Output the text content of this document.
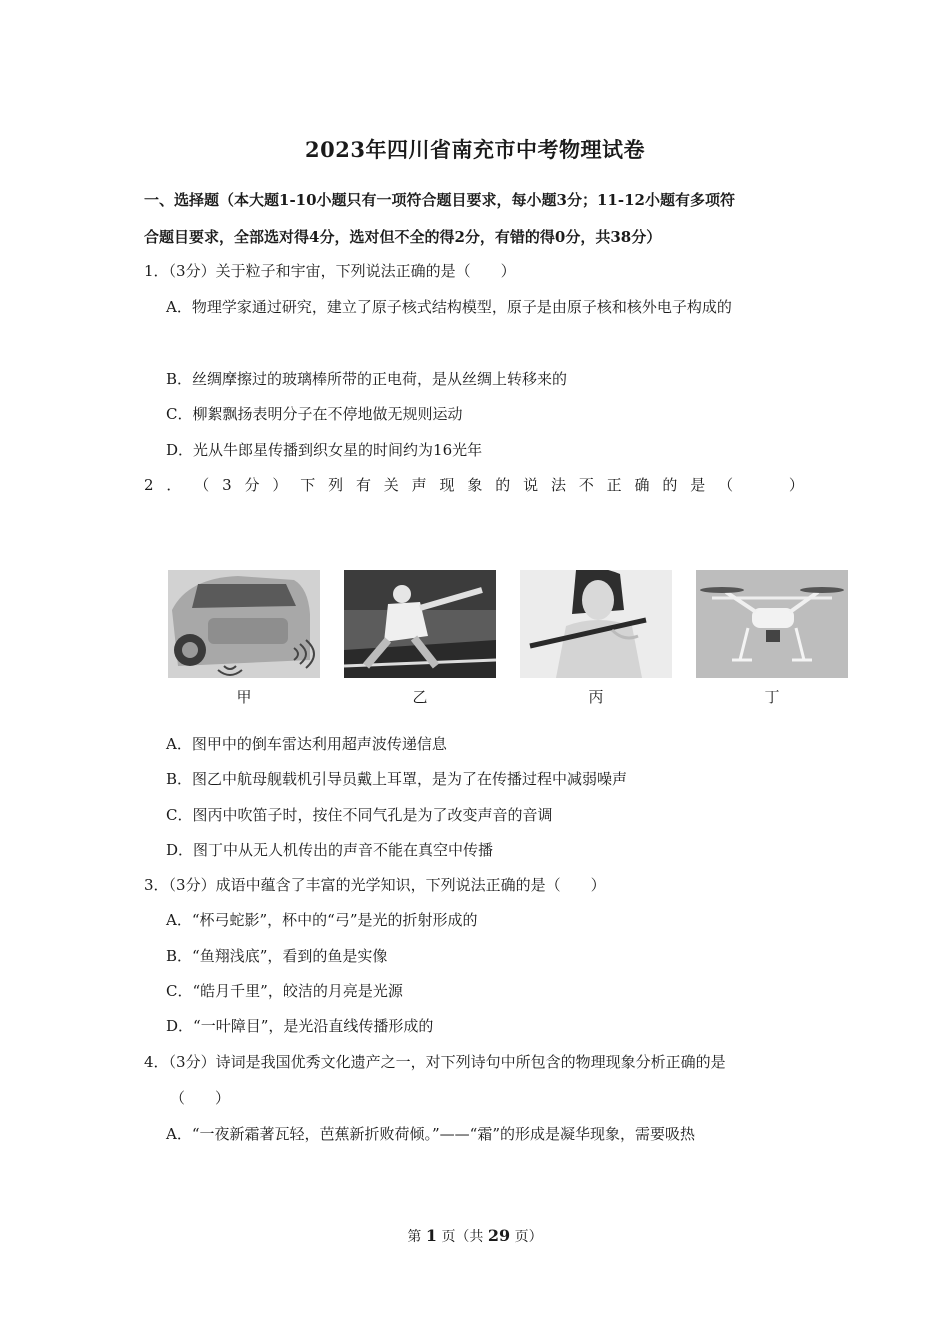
2023年四川省南充市中考物理试卷
一、选择题（本大题1-10小题只有一项符合题目要求，每小题3分；11-12小题有多项符
合题目要求，全部选对得4分，选对但不全的得2分，有错的得0分，共38分）
1．（3分）关于粒子和宇宙，下列说法正确的是（　　）
A．物理学家通过研究，建立了原子核式结构模型，原子是由原子核和核外电子构成的
B．丝绸摩擦过的玻璃棒所带的正电荷，是从丝绸上转移来的
C．柳絮飘扬表明分子在不停地做无规则运动
D．光从牛郎星传播到织女星的时间约为16光年
2 ． （ 3 分 ） 下 列 有 关 声 现 象 的 说 法 不 正 确 的 是 （
　　	）
甲	乙	丙	丁
A．图甲中的倒车雷达利用超声波传递信息
B．图乙中航母舰载机引导员戴上耳罩，是为了在传播过程中减弱噪声
C．图丙中吹笛子时，按住不同气孔是为了改变声音的音调
D．图丁中从无人机传出的声音不能在真空中传播
3．（3分）成语中蕴含了丰富的光学知识，下列说法正确的是（　　）
A．“杯弓蛇影”，杯中的“弓”是光的折射形成的
B．“鱼翔浅底”，看到的鱼是实像
C．“皓月千里”，皎洁的月亮是光源
D．“一叶障目”，是光沿直线传播形成的
4．（3分）诗词是我国优秀文化遗产之一，对下列诗句中所包含的物理现象分析正确的是
（　　）
A．“一夜新霜著瓦轻，芭蕉新折败荷倾。”——“霜”的形成是凝华现象，需要吸热
第 1 页（共 29 页）
